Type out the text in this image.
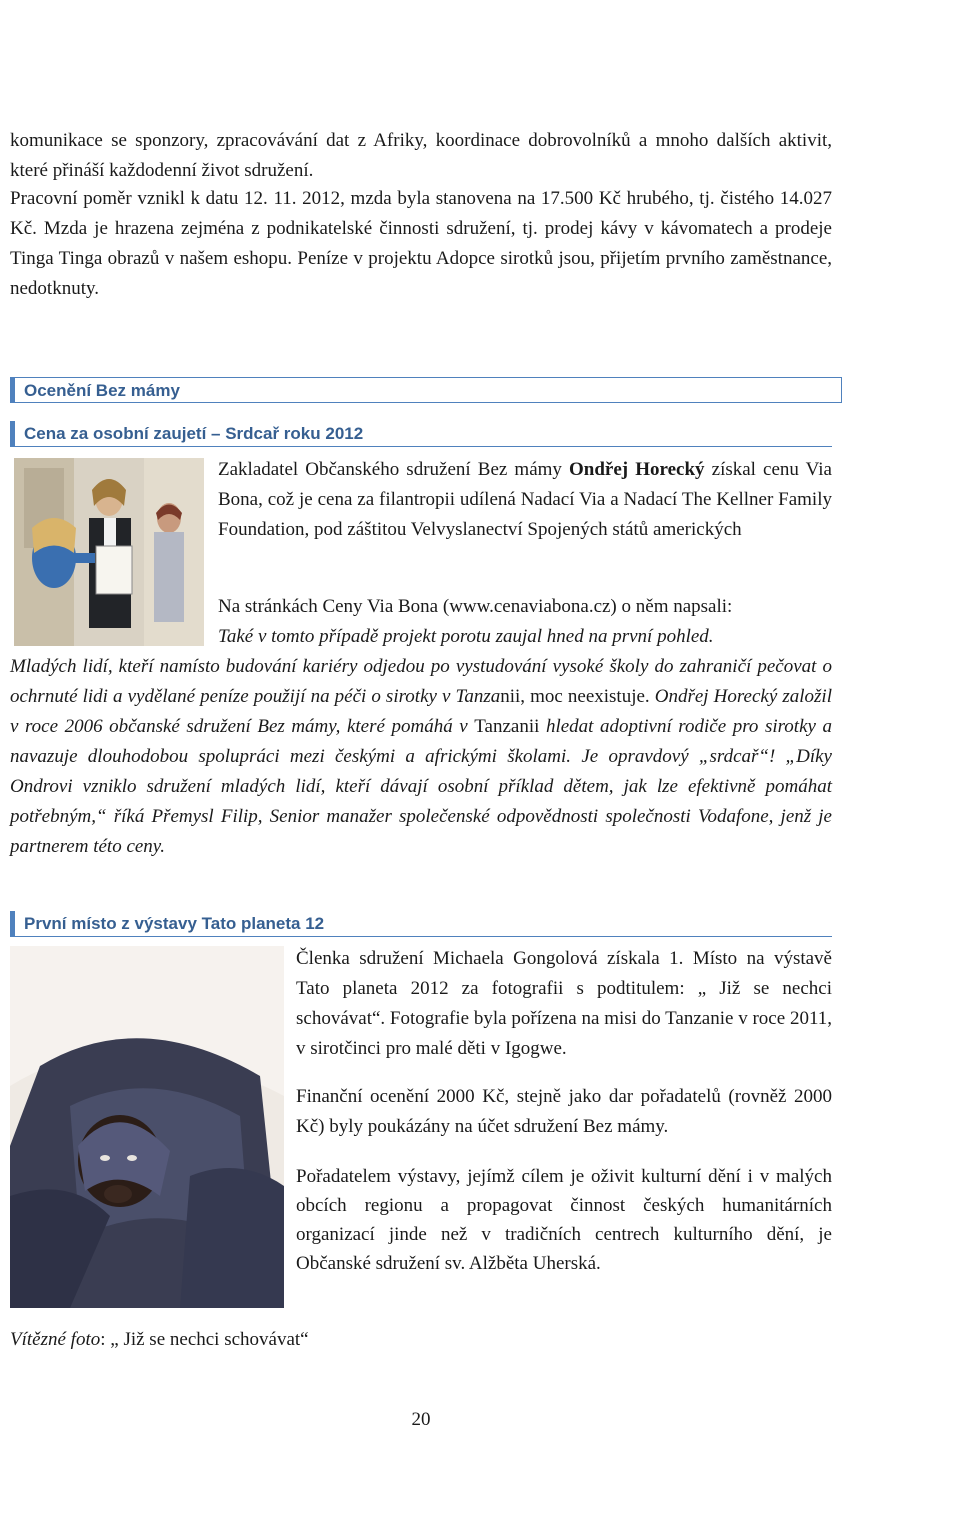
komunikace se sponzory, zpracovávání dat z Afriky, koordinace dobrovolníků a mnoho dalších aktivit, které přináší každodenní život sdružení.

Pracovní poměr vznikl k datu 12. 11. 2012, mzda byla stanovena na 17.500 Kč hrubého, tj. čistého 14.027 Kč. Mzda je hrazena zejména z podnikatelské činnosti sdružení, tj. prodej kávy v kávomatech a prodeje Tinga Tinga obrazů v našem eshopu. Peníze v projektu Adopce sirotků jsou, přijetím prvního zaměstnance, nedotknuty.

Ocenění Bez mámy
Cena za osobní zaujetí – Srdcař roku 2012

Zakladatel Občanského sdružení Bez mámy Ondřej Horecký získal cenu Via Bona, což je cena za filantropii udílená Nadací Via a Nadací The Kellner Family Foundation, pod záštitou Velvyslanectví Spojených států amerických

Na stránkách Ceny Via Bona (www.cenaviabona.cz) o něm napsali:

Také v tomto případě projekt porotu zaujal hned na první pohled.

Mladých lidí, kteří namísto budování kariéry odjedou po vystudování vysoké školy do zahraničí pečovat o ochrnuté lidi a vydělané peníze použijí na péči o sirotky v Tanzanii, moc neexistuje. Ondřej Horecký založil v roce 2006 občanské sdružení Bez mámy, které pomáhá v Tanzanii hledat adoptivní rodiče pro sirotky a navazuje dlouhodobou spolupráci mezi českými a africkými školami. Je opravdový „srdcař“! „Díky Ondrovi vzniklo sdružení mladých lidí, kteří dávají osobní příklad dětem, jak lze efektivně pomáhat potřebným,“ říká Přemysl Filip, Senior manažer společenské odpovědnosti společnosti Vodafone, jenž je partnerem této ceny.

První místo z výstavy Tato planeta 12

Členka sdružení Michaela Gongolová získala 1. Místo na výstavě Tato planeta 2012 za fotografii s podtitulem: „ Již se nechci schovávat“. Fotografie byla pořízena na misi do Tanzanie v roce 2011, v sirotčinci pro malé děti v Igogwe.

Finanční ocenění 2000 Kč, stejně jako dar pořadatelů (rovněž 2000 Kč) byly poukázány na účet sdružení Bez mámy.

Pořadatelem výstavy, jejímž cílem je oživit kulturní dění i v malých obcích regionu a propagovat činnost českých humanitárních organizací jinde než v tradičních centrech kulturního dění, je Občanské sdružení sv. Alžběta Uherská.

Vítězné foto: „ Již se nechci schovávat“
20
